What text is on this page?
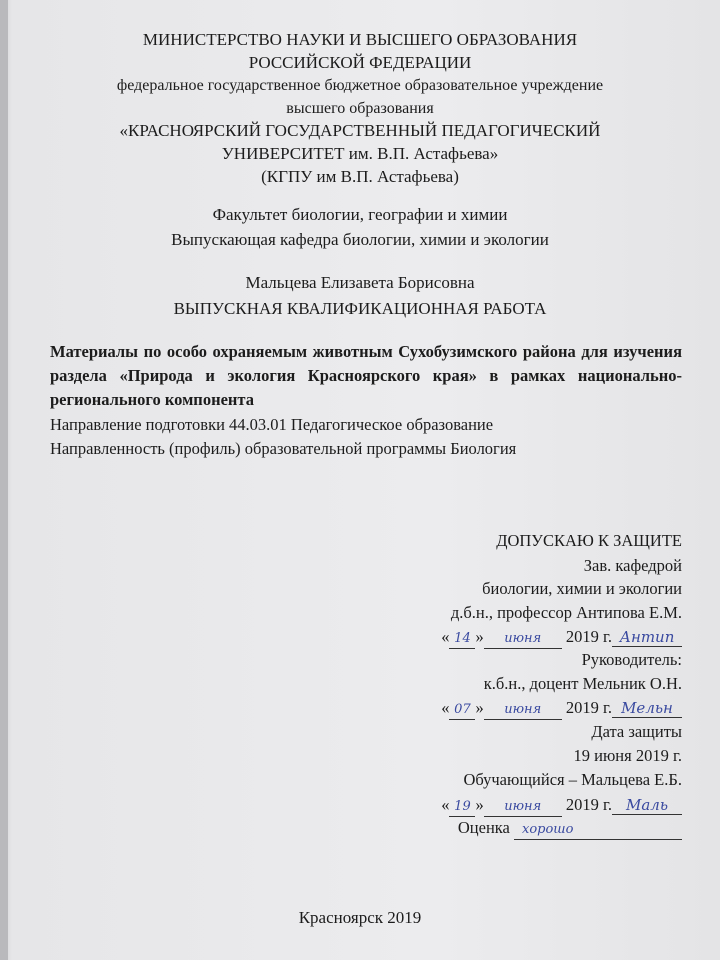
МИНИСТЕРСТВО НАУКИ И ВЫСШЕГО ОБРАЗОВАНИЯ
РОССИЙСКОЙ ФЕДЕРАЦИИ
федеральное государственное бюджетное образовательное учреждение
высшего образования
«КРАСНОЯРСКИЙ ГОСУДАРСТВЕННЫЙ ПЕДАГОГИЧЕСКИЙ
УНИВЕРСИТЕТ им. В.П. Астафьева»
(КГПУ им В.П. Астафьева)
Факультет биологии, географии и химии
Выпускающая кафедра биологии, химии и экологии
Мальцева Елизавета Борисовна
ВЫПУСКНАЯ КВАЛИФИКАЦИОННАЯ РАБОТА
Материалы по особо охраняемым животным Сухобузимского района для изучения раздела «Природа и экология Красноярского края» в рамках национально-регионального компонента
Направление подготовки 44.03.01 Педагогическое образование
Направленность (профиль) образовательной программы Биология
ДОПУСКАЮ К ЗАЩИТЕ
Зав. кафедрой
биологии, химии и экологии
д.б.н., профессор Антипова Е.М.
« 14 » июня 2019 г. Антип
Руководитель:
к.б.н., доцент Мельник О.Н.
« 07 » июня 2019 г. Мельн
Дата защиты
19 июня 2019 г.
Обучающийся – Мальцева Е.Б.
« 19 » июня 2019 г. Маль
Оценка хорошо
Красноярск 2019
